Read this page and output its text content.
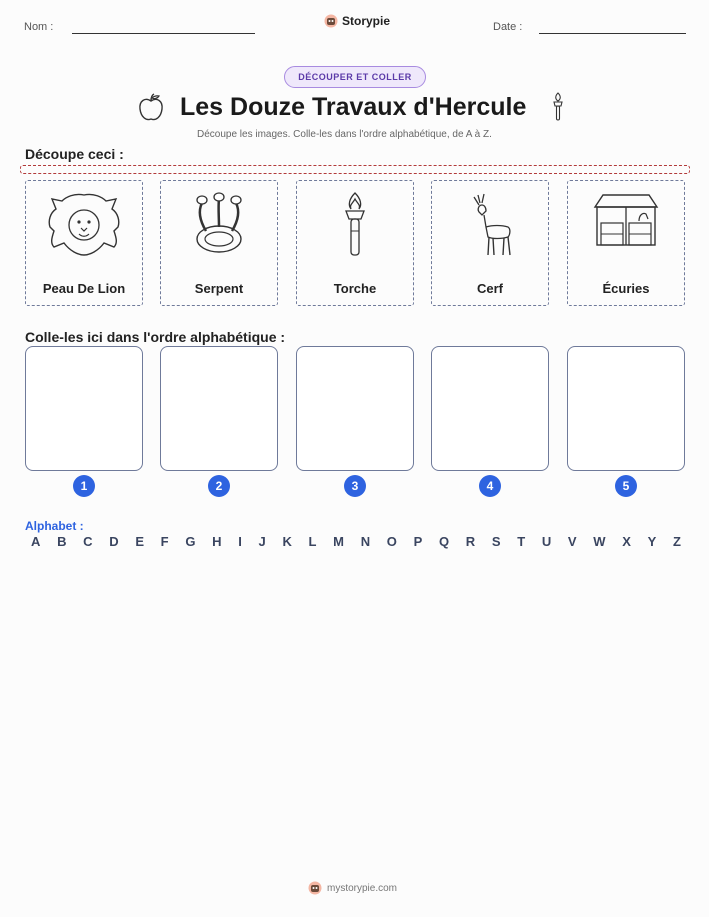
Nom :	Storypie	Date :
DÉCOUPER ET COLLER
Les Douze Travaux d'Hercule
Découpe les images. Colle-les dans l'ordre alphabétique, de A à Z.
Découpe ceci :
Peau De Lion	Serpent	Torche	Cerf	Écuries
Colle-les ici dans l'ordre alphabétique :
1	2	3	4	5
Alphabet :
A B C D E F G H I J K L M N O P Q R S T U V W X Y Z
mystorypie.com
